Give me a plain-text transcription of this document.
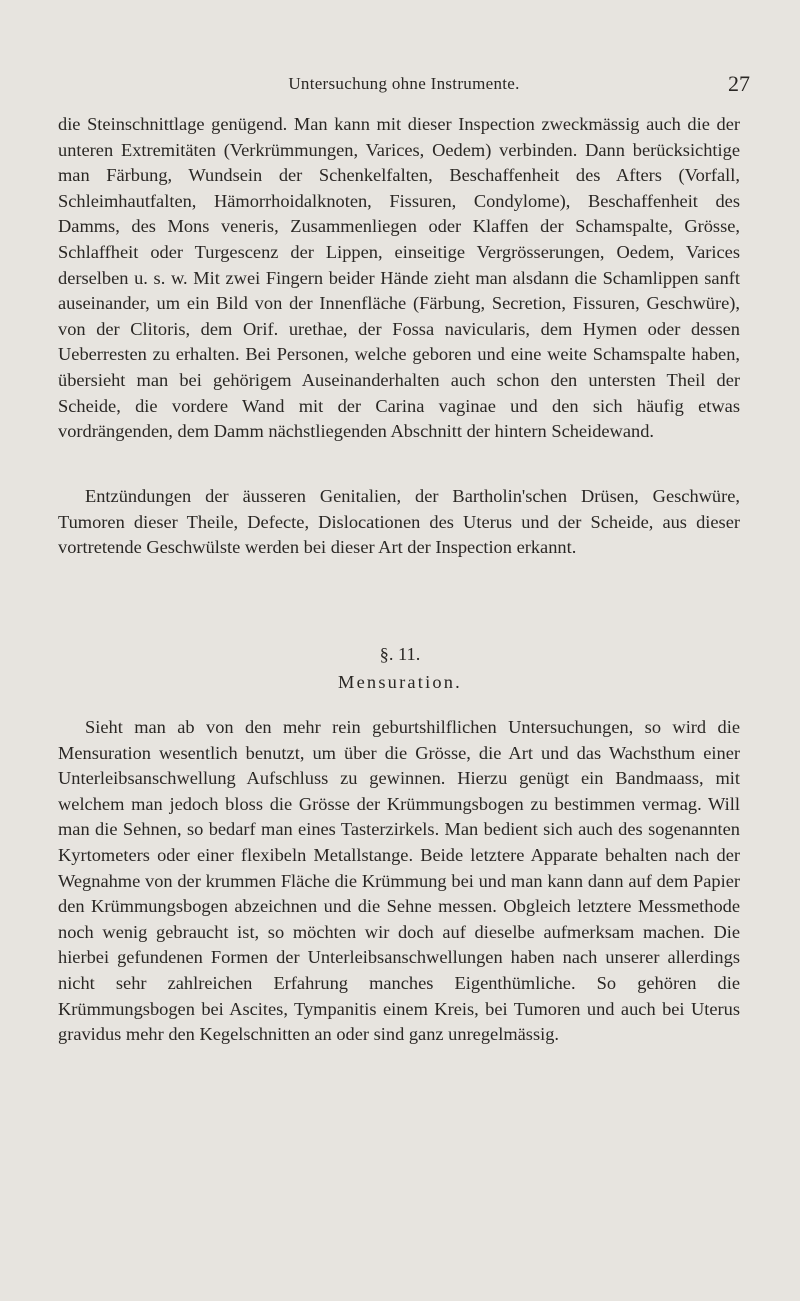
Untersuchung ohne Instrumente.	27

die Steinschnittlage genügend. Man kann mit dieser Inspection zweckmässig auch die der unteren Extremitäten (Verkrümmungen, Varices, Oedem) verbinden. Dann berücksichtige man Färbung, Wundsein der Schenkelfalten, Beschaffenheit des Afters (Vorfall, Schleimhautfalten, Hämorrhoidalknoten, Fissuren, Condylome), Beschaffenheit des Damms, des Mons veneris, Zusammenliegen oder Klaffen der Schamspalte, Grösse, Schlaffheit oder Turgescenz der Lippen, einseitige Vergrösserungen, Oedem, Varices derselben u. s. w. Mit zwei Fingern beider Hände zieht man alsdann die Schamlippen sanft auseinander, um ein Bild von der Innenfläche (Färbung, Secretion, Fissuren, Geschwüre), von der Clitoris, dem Orif. urethae, der Fossa navicularis, dem Hymen oder dessen Ueberresten zu erhalten. Bei Personen, welche geboren und eine weite Schamspalte haben, übersieht man bei gehörigem Auseinanderhalten auch schon den untersten Theil der Scheide, die vordere Wand mit der Carina vaginae und den sich häufig etwas vordrängenden, dem Damm nächstliegenden Abschnitt der hintern Scheidewand.

Entzündungen der äusseren Genitalien, der Bartholin'schen Drüsen, Geschwüre, Tumoren dieser Theile, Defecte, Dislocationen des Uterus und der Scheide, aus dieser vortretende Geschwülste werden bei dieser Art der Inspection erkannt.

§. 11.
Mensuration.

Sieht man ab von den mehr rein geburtshilflichen Untersuchungen, so wird die Mensuration wesentlich benutzt, um über die Grösse, die Art und das Wachsthum einer Unterleibsanschwellung Aufschluss zu gewinnen. Hierzu genügt ein Bandmaass, mit welchem man jedoch bloss die Grösse der Krümmungsbogen zu bestimmen vermag. Will man die Sehnen, so bedarf man eines Tasterzirkels. Man bedient sich auch des sogenannten Kyrtometers oder einer flexibeln Metallstange. Beide letztere Apparate behalten nach der Wegnahme von der krummen Fläche die Krümmung bei und man kann dann auf dem Papier den Krümmungsbogen abzeichnen und die Sehne messen. Obgleich letztere Messmethode noch wenig gebraucht ist, so möchten wir doch auf dieselbe aufmerksam machen. Die hierbei gefundenen Formen der Unterleibsanschwellungen haben nach unserer allerdings nicht sehr zahlreichen Erfahrung manches Eigenthümliche. So gehören die Krümmungsbogen bei Ascites, Tympanitis einem Kreis, bei Tumoren und auch bei Uterus gravidus mehr den Kegelschnitten an oder sind ganz unregelmässig.
